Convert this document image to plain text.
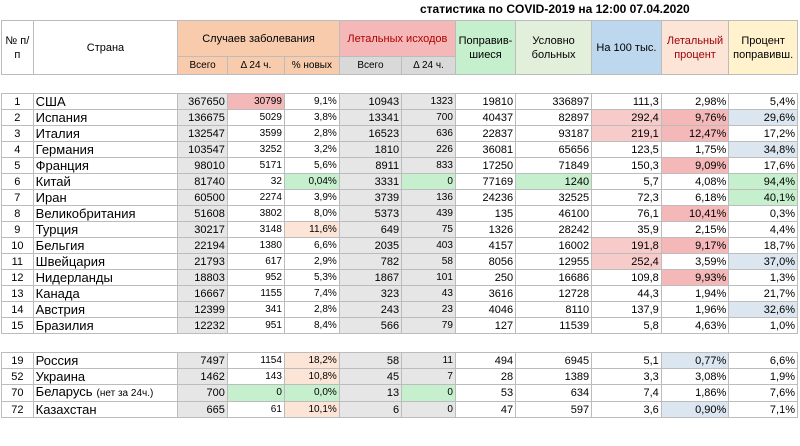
статистика по COVID-2019 на 12:00 07.04.2020
№ п/п	Страна	Случаев заболевания			Летальных исходов		Поправив-шиеся	Условно больных	На 100 тыс.	Летальный процент	Процент поправивш.
		Всего	Δ 24 ч.	% новых	Всего	Δ 24 ч.					

1	США	367650	30799	9,1%	10943	1323	19810	336897	111,3	2,98%	5,4%
2	Испания	136675	5029	3,8%	13341	700	40437	82897	292,4	9,76%	29,6%
3	Италия	132547	3599	2,8%	16523	636	22837	93187	219,1	12,47%	17,2%
4	Германия	103547	3252	3,2%	1810	226	36081	65656	123,5	1,75%	34,8%
5	Франция	98010	5171	5,6%	8911	833	17250	71849	150,3	9,09%	17,6%
6	Китай	81740	32	0,04%	3331	0	77169	1240	5,7	4,08%	94,4%
7	Иран	60500	2274	3,9%	3739	136	24236	32525	72,3	6,18%	40,1%
8	Великобритания	51608	3802	8,0%	5373	439	135	46100	76,1	10,41%	0,3%
9	Турция	30217	3148	11,6%	649	75	1326	28242	35,9	2,15%	4,4%
10	Бельгия	22194	1380	6,6%	2035	403	4157	16002	191,8	9,17%	18,7%
11	Швейцария	21793	617	2,9%	782	58	8056	12955	252,4	3,59%	37,0%
12	Нидерланды	18803	952	5,3%	1867	101	250	16686	109,8	9,93%	1,3%
13	Канада	16667	1155	7,4%	323	43	3616	12728	44,3	1,94%	21,7%
14	Австрия	12399	341	2,8%	243	23	4046	8110	137,9	1,96%	32,6%
15	Бразилия	12232	951	8,4%	566	79	127	11539	5,8	4,63%	1,0%

19	Россия	7497	1154	18,2%	58	11	494	6945	5,1	0,77%	6,6%
52	Украина	1462	143	10,8%	45	7	28	1389	3,3	3,08%	1,9%
70	Беларусь (нет за 24ч.)	700	0	0,0%	13	0	53	634	7,4	1,86%	7,6%
72	Казахстан	665	61	10,1%	6	0	47	597	3,6	0,90%	7,1%
